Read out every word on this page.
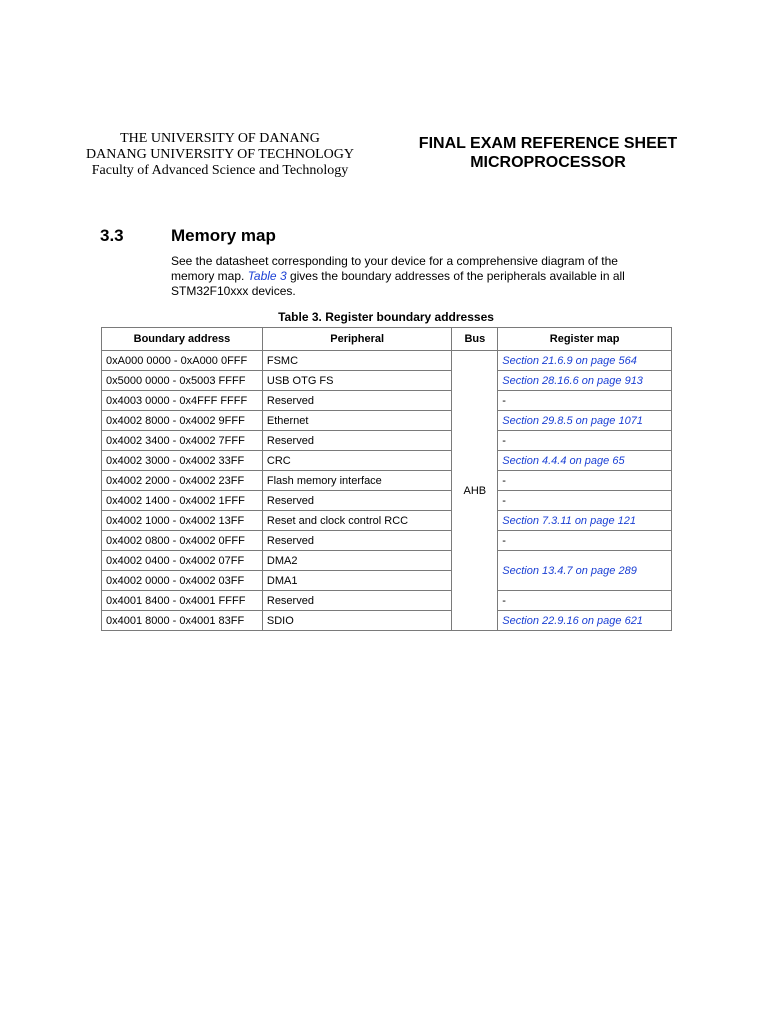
THE UNIVERSITY OF DANANG
DANANG UNIVERSITY OF TECHNOLOGY
Faculty of Advanced Science and Technology
FINAL EXAM REFERENCE SHEET
MICROPROCESSOR
3.3	Memory map
See the datasheet corresponding to your device for a comprehensive diagram of the memory map. Table 3 gives the boundary addresses of the peripherals available in all STM32F10xxx devices.
Table 3. Register boundary addresses
Boundary address	Peripheral	Bus	Register map
0xA000 0000 - 0xA000 0FFF	FSMC	AHB	Section 21.6.9 on page 564
0x5000 0000 - 0x5003 FFFF	USB OTG FS		Section 28.16.6 on page 913
0x4003 0000 - 0x4FFF FFFF	Reserved		-
0x4002 8000 - 0x4002 9FFF	Ethernet		Section 29.8.5 on page 1071
0x4002 3400 - 0x4002 7FFF	Reserved		-
0x4002 3000 - 0x4002 33FF	CRC		Section 4.4.4 on page 65
0x4002 2000 - 0x4002 23FF	Flash memory interface		-
0x4002 1400 - 0x4002 1FFF	Reserved		-
0x4002 1000 - 0x4002 13FF	Reset and clock control RCC		Section 7.3.11 on page 121
0x4002 0800 - 0x4002 0FFF	Reserved		-
0x4002 0400 - 0x4002 07FF	DMA2		Section 13.4.7 on page 289
0x4002 0000 - 0x4002 03FF	DMA1		
0x4001 8400 - 0x4001 FFFF	Reserved		-
0x4001 8000 - 0x4001 83FF	SDIO		Section 22.9.16 on page 621
